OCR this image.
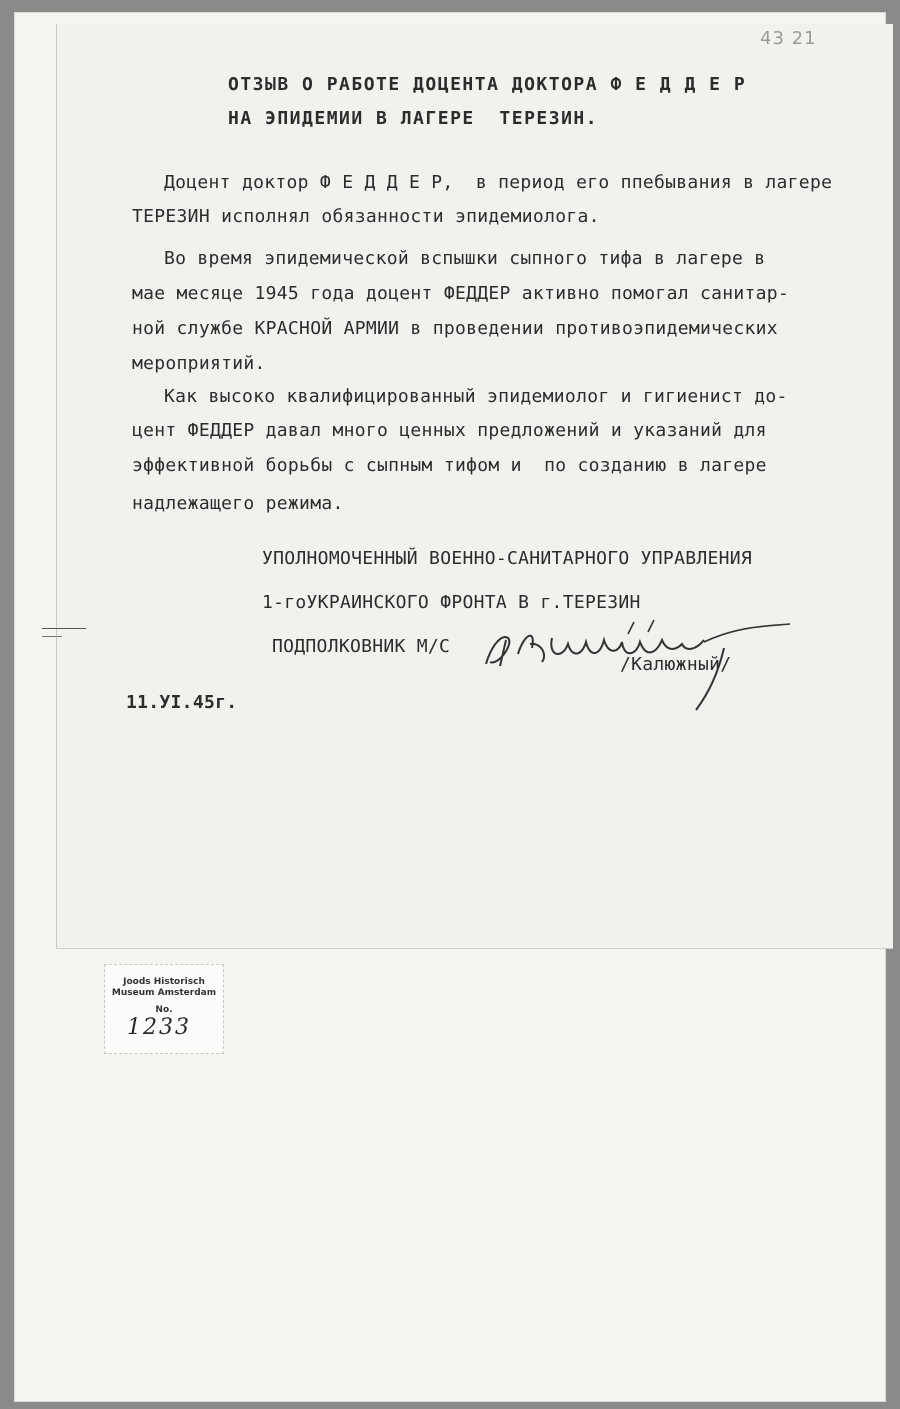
43 21
ОТЗЫВ О РАБОТЕ ДОЦЕНТА ДОКТОРА Ф Е Д Д Е Р
НА ЭПИДЕМИИ В ЛАГЕРЕ  ТЕРЕЗИН.
Доцент доктор Ф Е Д Д Е Р,  в период его ппебывания в лагере
ТЕРЕЗИН исполнял обязанности эпидемиолога.
Во время эпидемической вспышки сыпного тифа в лагере в
мае месяце 1945 года доцент ФЕДДЕР активно помогал санитар-
ной службе КРАСНОЙ АРМИИ в проведении противоэпидемических
мероприятий.
Как высоко квалифицированный эпидемиолог и гигиенист до-
цент ФЕДДЕР давал много ценных предложений и указаний для
эффективной борьбы с сыпным тифом и  по созданию в лагере
надлежащего режима.
УПОЛНОМОЧЕННЫЙ ВОЕННО-САНИТАРНОГО УПРАВЛЕНИЯ
1-гоУКРАИНСКОГО ФРОНТА В г.ТЕРЕЗИН
ПОДПОЛКОВНИК М/С
/Калюжный/
11.УI.45г.
Joods Historisch
Museum Amsterdam
No.
1233
